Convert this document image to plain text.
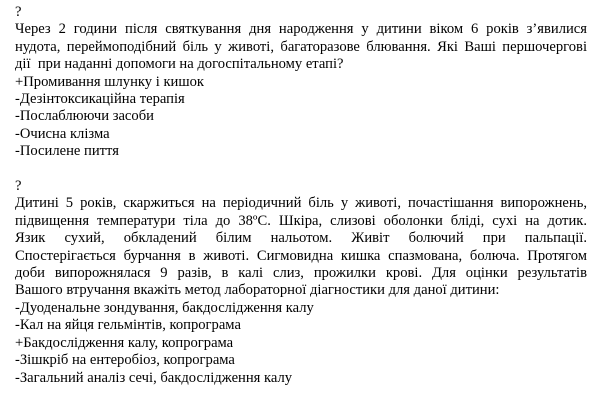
?
Через 2 години після святкування дня народження у дитини віком 6 років з’явилися
нудота, переймоподібний біль у животі, багаторазове блювання. Які Ваші першочергові
дії  при наданні допомоги на догоспітальному етапі?
+Промивання шлунку і кишок
-Дезінтоксикаційна терапія
-Послаблюючи засоби
-Очисна клізма
-Посилене пиття
?
Дитині 5 років, скаржиться на періодичний біль у животі, почастішання випорожнень,
підвищення температури тіла до 38ºС. Шкіра, слизові оболонки бліді, сухі на дотик.
Язик сухий, обкладений білим нальотом. Живіт болючий при пальпації.
Спостерігається бурчання в животі. Сигмовидна кишка спазмована, болюча. Протягом
доби випорожнялася 9 разів, в калі слиз, прожилки крові. Для оцінки результатів
Вашого втручання вкажіть метод лабораторної діагностики для даної дитини:
-Дуоденальне зондування, бакдослідження калу
-Кал на яйця гельмінтів, копрограма
+Бакдослідження калу, копрограма
-Зішкріб на ентеробіоз, копрограма
-Загальний аналіз сечі, бакдослідження калу
